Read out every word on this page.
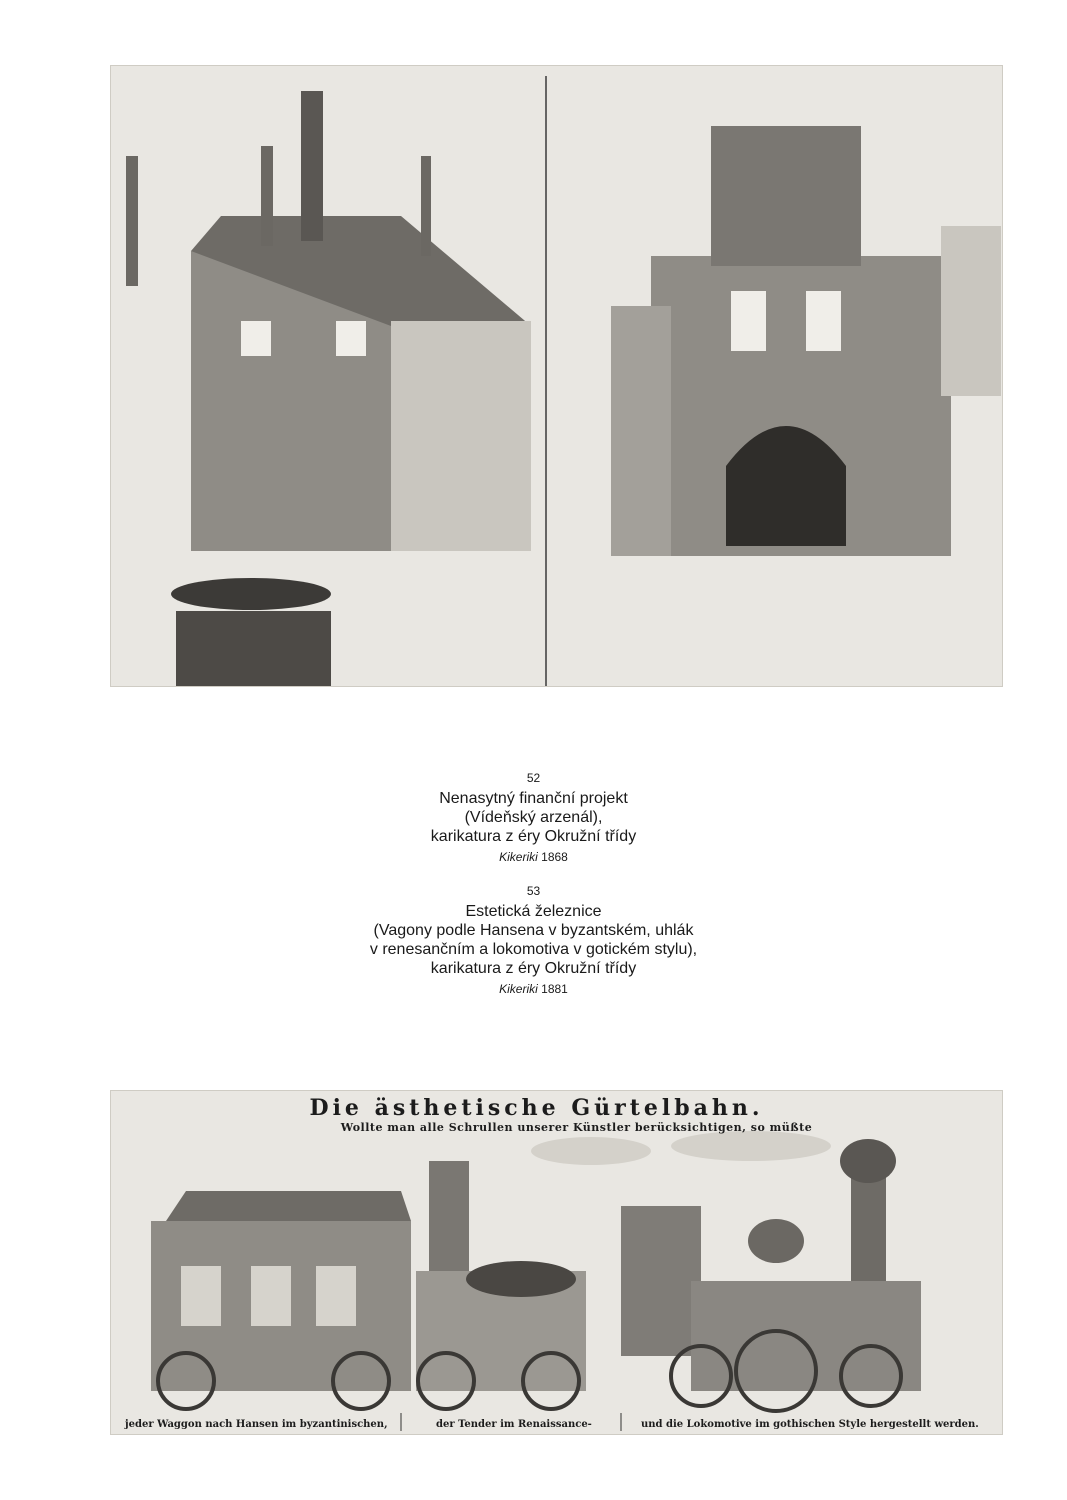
52
Nenasytný finanční projekt
(Vídeňský arzenál),
karikatura z éry Okružní třídy
Kikeriki 1868
53
Estetická železnice
(Vagony podle Hansena v byzantském, uhlák
v renesančním a lokomotiva v gotickém stylu),
karikatura z éry Okružní třídy
Kikeriki 1881
Die ästhetische Gürtelbahn.
Wollte man alle Schrullen unserer Künstler berücksichtigen, so müßte
jeder Waggon nach Hansen im byzantinischen,	der Tender im Renaissance-	und die Lokomotive im gothischen Style hergestellt werden.
